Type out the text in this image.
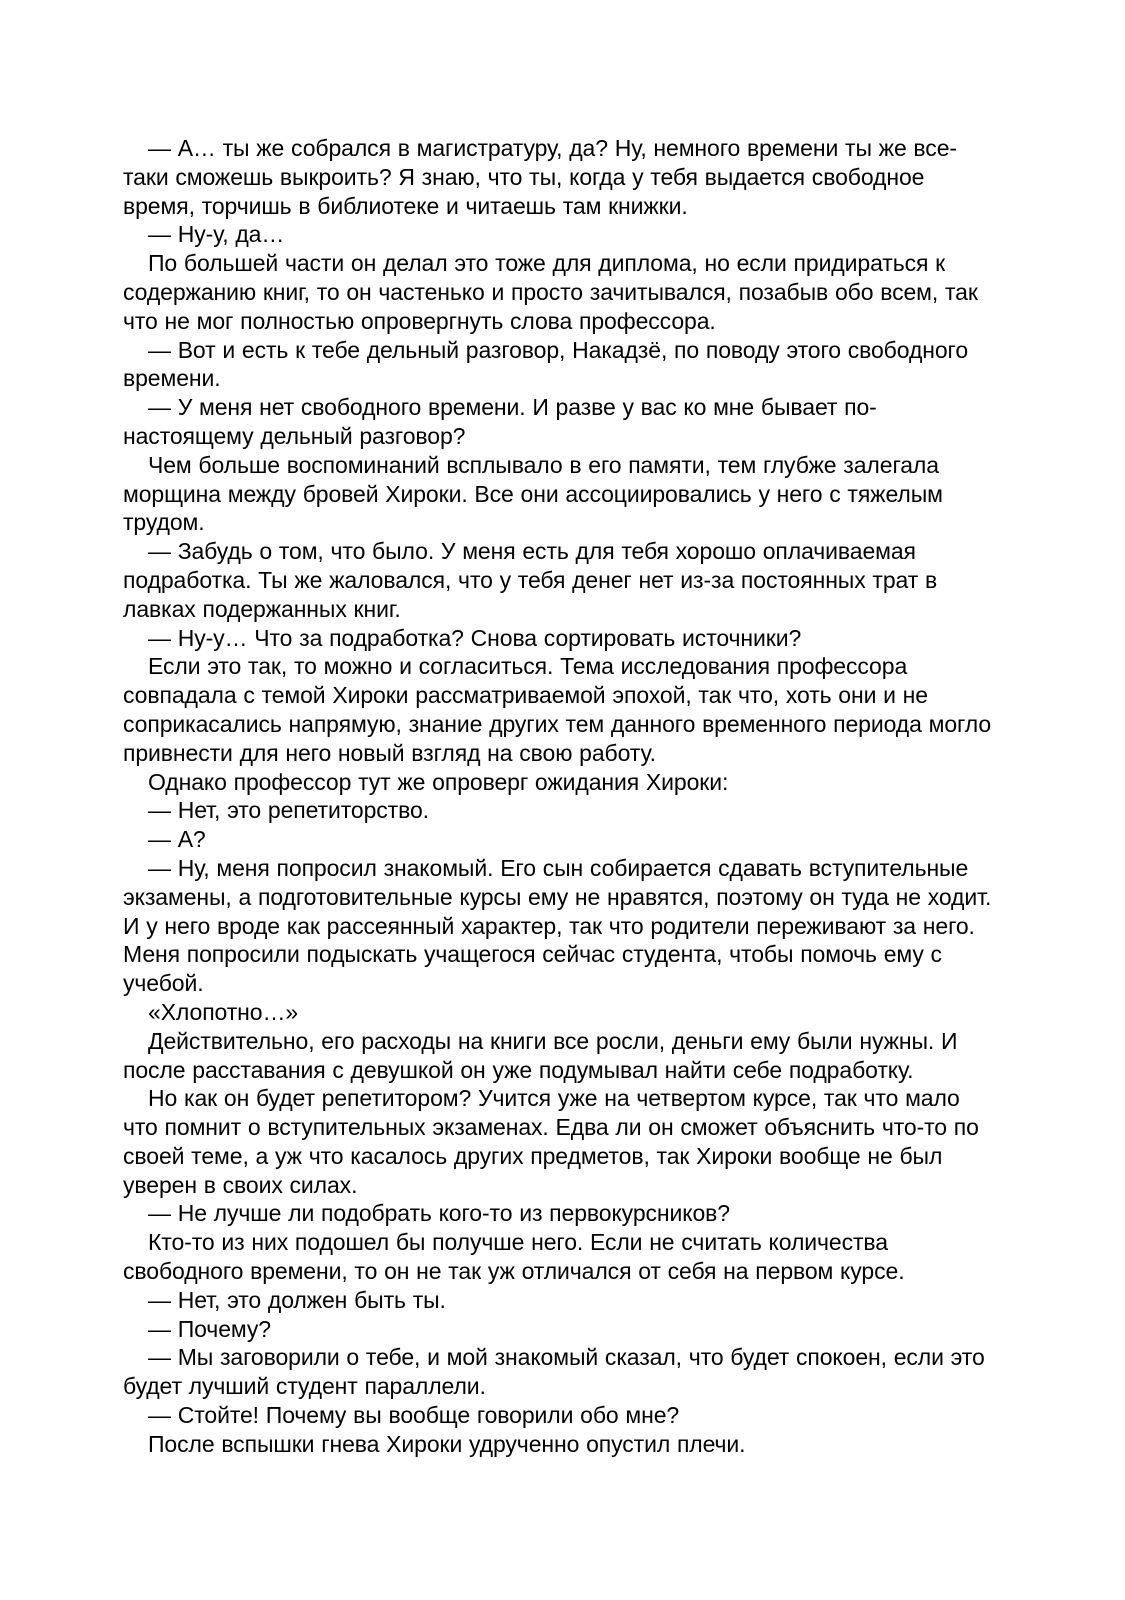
— А… ты же собрался в магистратуру, да? Ну, немного времени ты же все-таки сможешь выкроить? Я знаю, что ты, когда у тебя выдается свободное время, торчишь в библиотеке и читаешь там книжки.

— Ну-у, да…

По большей части он делал это тоже для диплома, но если придираться к содержанию книг, то он частенько и просто зачитывался, позабыв обо всем, так что не мог полностью опровергнуть слова профессора.

— Вот и есть к тебе дельный разговор, Накадзё, по поводу этого свободного времени.

— У меня нет свободного времени. И разве у вас ко мне бывает по-настоящему дельный разговор?

Чем больше воспоминаний всплывало в его памяти, тем глубже залегала морщина между бровей Хироки. Все они ассоциировались у него с тяжелым трудом.

— Забудь о том, что было. У меня есть для тебя хорошо оплачиваемая подработка. Ты же жаловался, что у тебя денег нет из-за постоянных трат в лавках подержанных книг.

— Ну-у… Что за подработка? Снова сортировать источники?

Если это так, то можно и согласиться. Тема исследования профессора совпадала с темой Хироки рассматриваемой эпохой, так что, хоть они и не соприкасались напрямую, знание других тем данного временного периода могло привнести для него новый взгляд на свою работу.

Однако профессор тут же опроверг ожидания Хироки:

— Нет, это репетиторство.

— А?

— Ну, меня попросил знакомый. Его сын собирается сдавать вступительные экзамены, а подготовительные курсы ему не нравятся, поэтому он туда не ходит. И у него вроде как рассеянный характер, так что родители переживают за него. Меня попросили подыскать учащегося сейчас студента, чтобы помочь ему с учебой.

«Хлопотно…»

Действительно, его расходы на книги все росли, деньги ему были нужны. И после расставания с девушкой он уже подумывал найти себе подработку.

Но как он будет репетитором? Учится уже на четвертом курсе, так что мало что помнит о вступительных экзаменах. Едва ли он сможет объяснить что-то по своей теме, а уж что касалось других предметов, так Хироки вообще не был уверен в своих силах.

— Не лучше ли подобрать кого-то из первокурсников?

Кто-то из них подошел бы получше него. Если не считать количества свободного времени, то он не так уж отличался от себя на первом курсе.

— Нет, это должен быть ты.

— Почему?

— Мы заговорили о тебе, и мой знакомый сказал, что будет спокоен, если это будет лучший студент параллели.

— Стойте! Почему вы вообще говорили обо мне?

После вспышки гнева Хироки удрученно опустил плечи.
